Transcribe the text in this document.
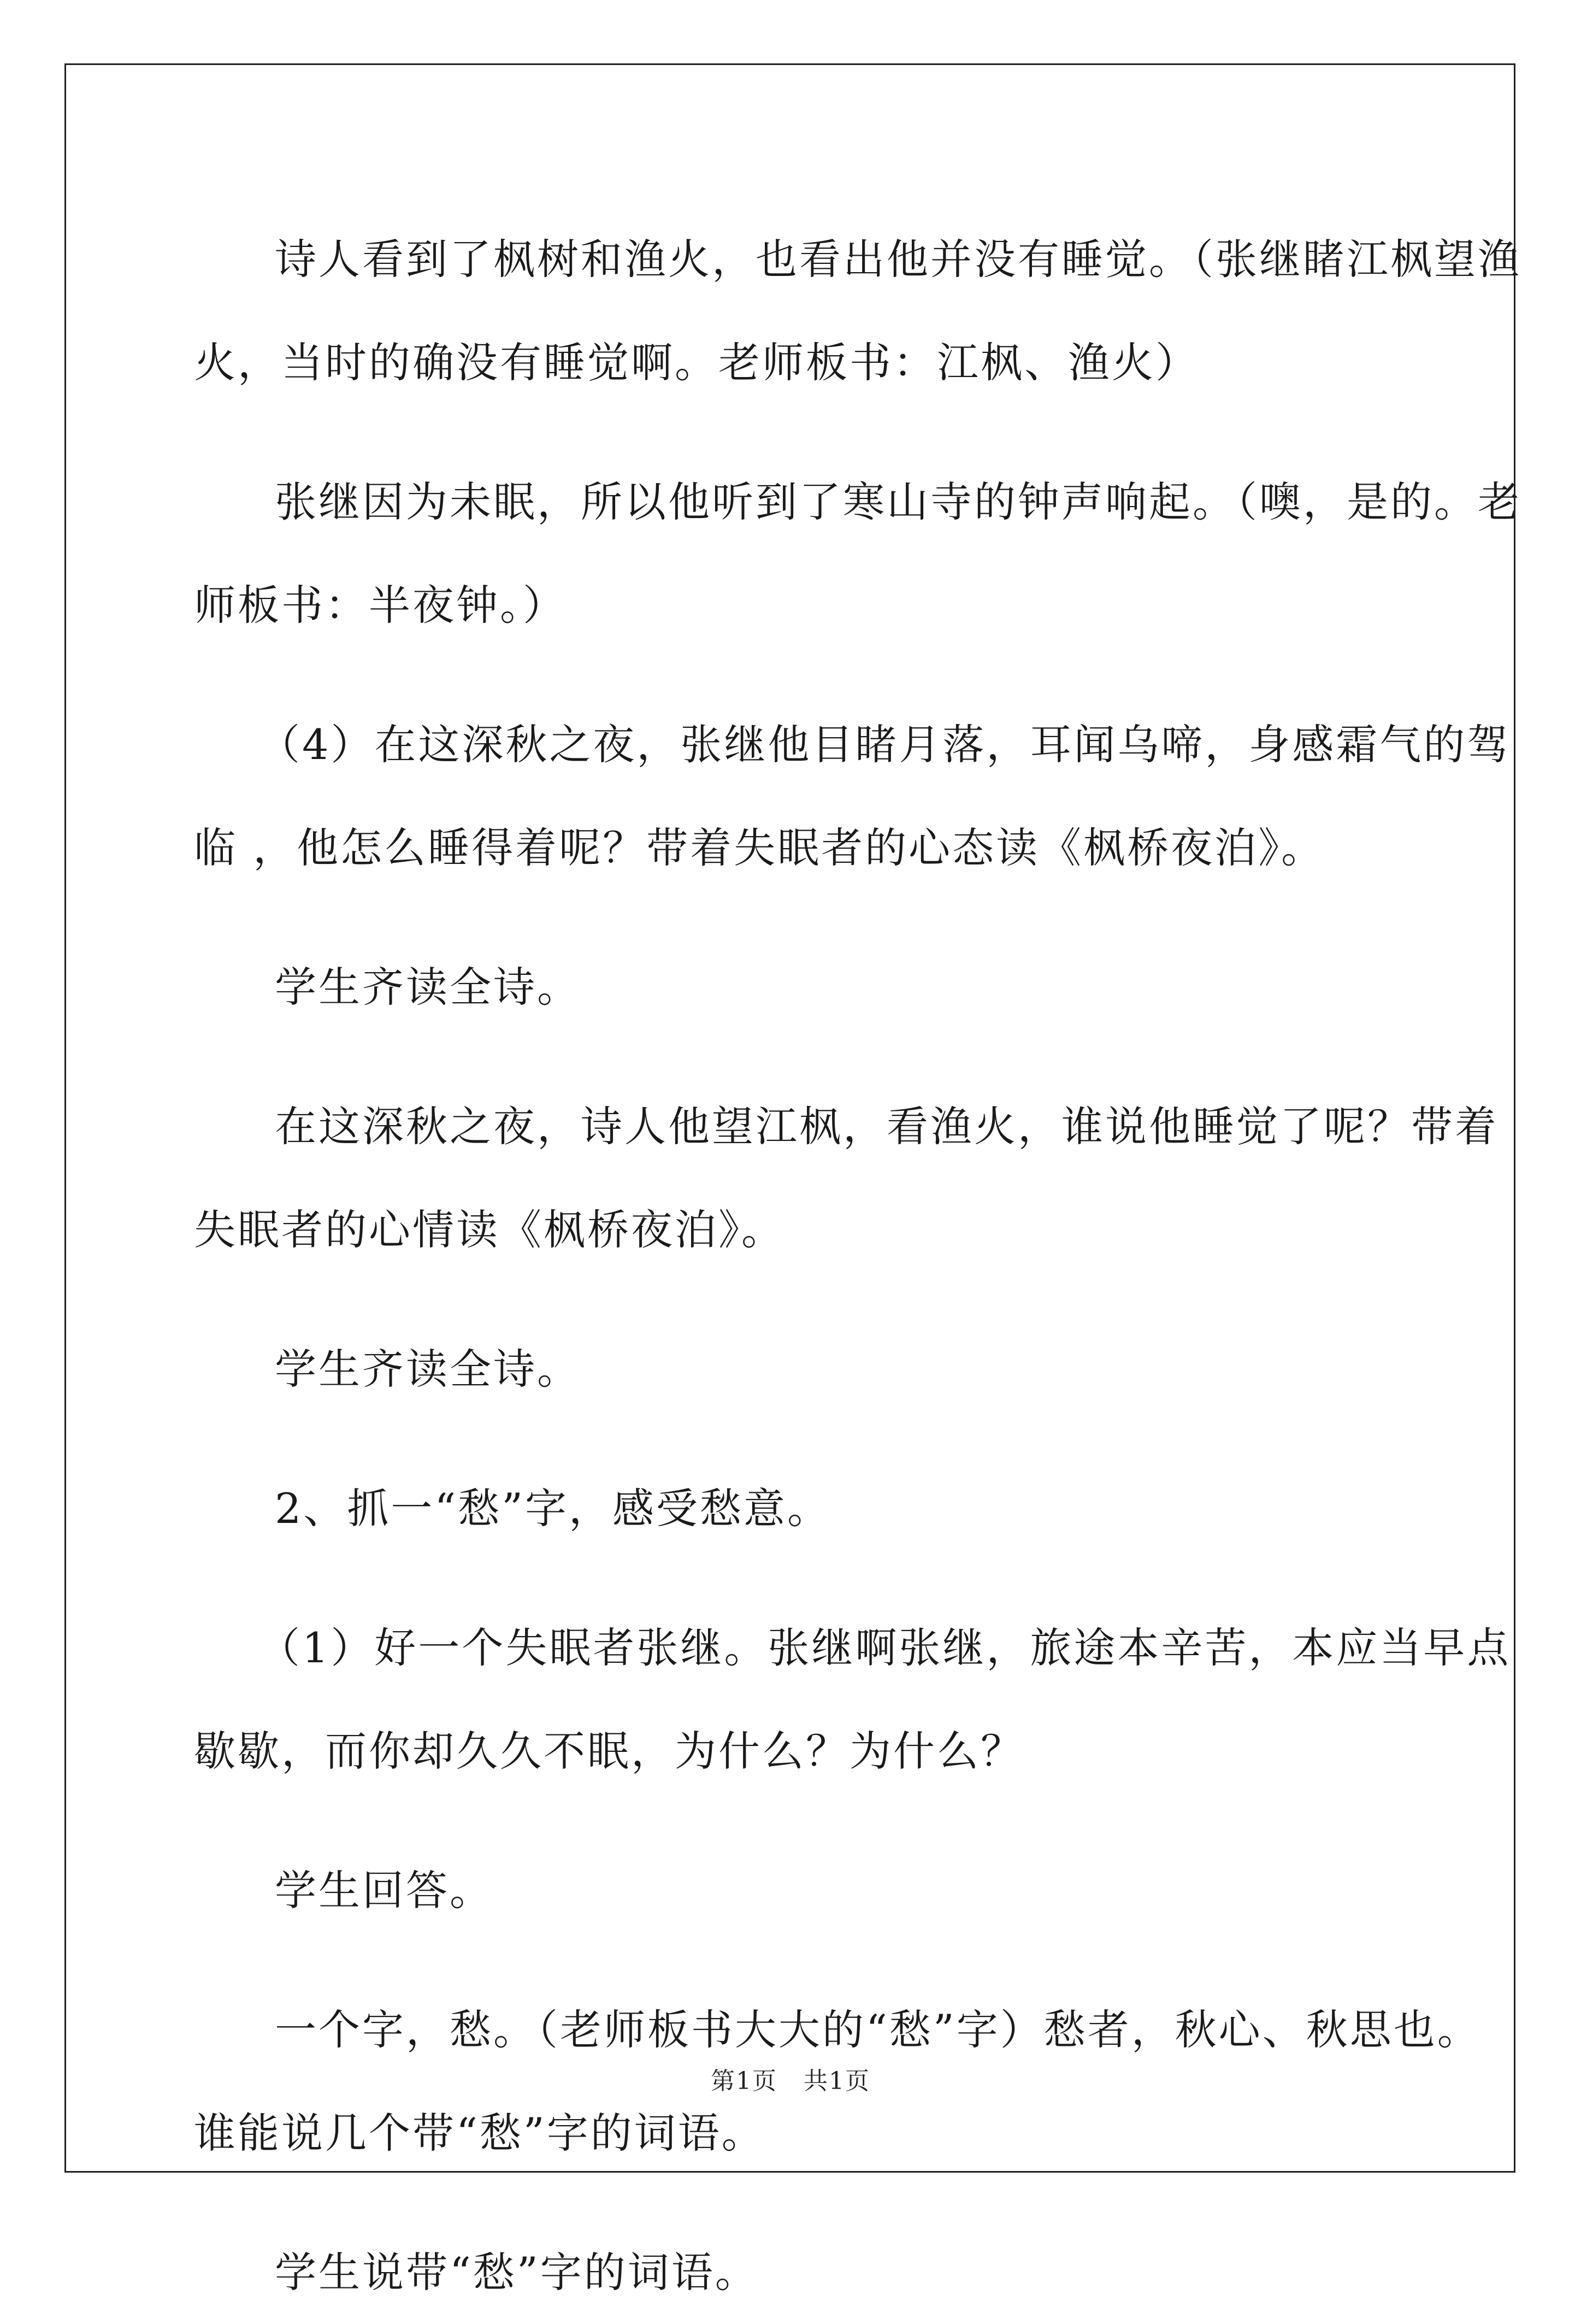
诗人看到了枫树和渔火，也看出他并没有睡觉。（张继睹江枫望渔
火，当时的确没有睡觉啊。老师板书：江枫、渔火）

张继因为未眠，所以他听到了寒山寺的钟声响起。（噢，是的。老
师板书：半夜钟。）

（4）在这深秋之夜，张继他目睹月落，耳闻乌啼，身感霜气的驾
临 ，他怎么睡得着呢？带着失眠者的心态读《枫桥夜泊》。

学生齐读全诗。

在这深秋之夜，诗人他望江枫，看渔火，谁说他睡觉了呢？带着
失眠者的心情读《枫桥夜泊》。

学生齐读全诗。

2、抓一“愁”字，感受愁意。

（1）好一个失眠者张继。张继啊张继，旅途本辛苦，本应当早点
歇歇，而你却久久不眠，为什么？为什么？

学生回答。

一个字，愁。（老师板书大大的“愁”字）愁者，秋心、秋思也。
谁能说几个带“愁”字的词语。

学生说带“愁”字的词语。

第1页 共1页
